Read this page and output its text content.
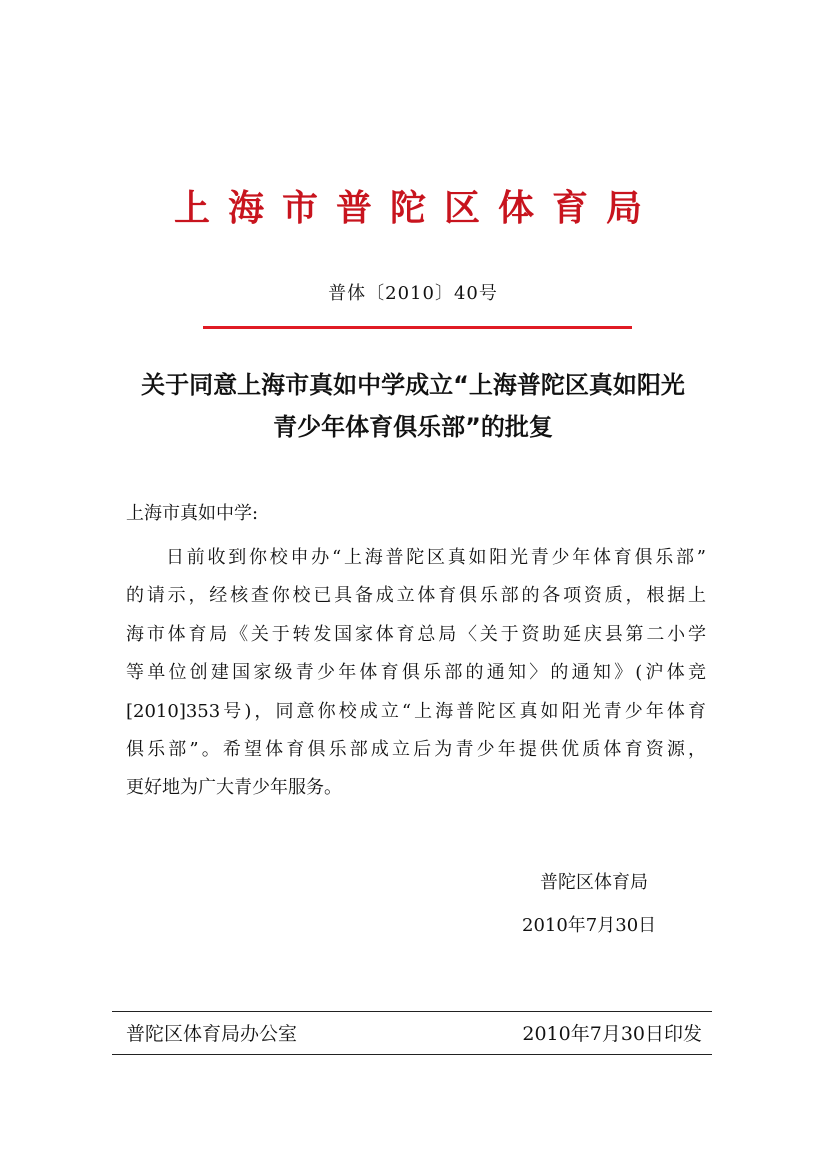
上海市普陀区体育局
普体〔2010〕40号
关于同意上海市真如中学成立“上海普陀区真如阳光
青少年体育俱乐部”的批复
上海市真如中学:
日前收到你校申办“上海普陀区真如阳光青少年体育俱乐部”
的请示，经核查你校已具备成立体育俱乐部的各项资质，根据上
海市体育局《关于转发国家体育总局〈关于资助延庆县第二小学
等单位创建国家级青少年体育俱乐部的通知〉的通知》(沪体竞
[2010]353号)，同意你校成立“上海普陀区真如阳光青少年体育
俱乐部”。希望体育俱乐部成立后为青少年提供优质体育资源，
更好地为广大青少年服务。
普陀区体育局
2010年7月30日
普陀区体育局办公室	2010年7月30日印发
